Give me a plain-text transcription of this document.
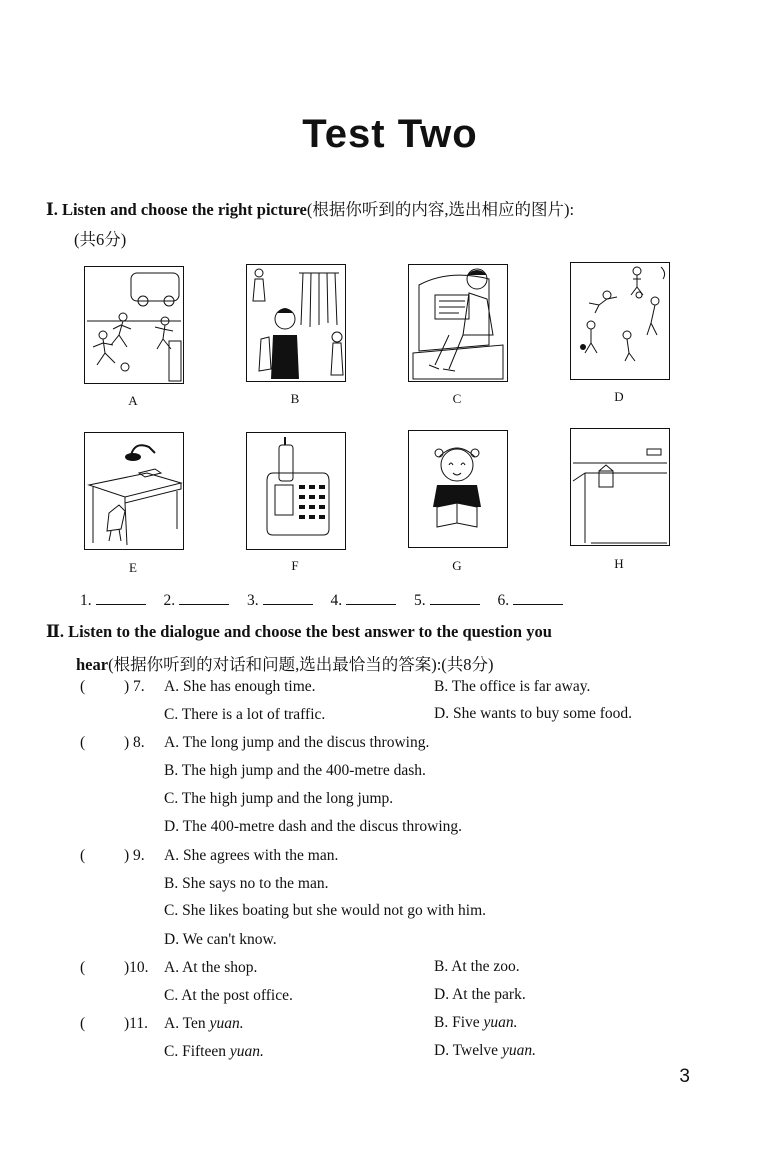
Test Two
Ⅰ. Listen and choose the right picture(根据你听到的内容,选出相应的图片):
(共6分)
A	B	C	D
E	F	G	H
1.	2.	3.	4.	5.	6.
Ⅱ. Listen to the dialogue and choose the best answer to the question you
hear(根据你听到的对话和问题,选出最恰当的答案):(共8分)
(	) 7. A. She has enough time.	B. The office is far away.
C. There is a lot of traffic.	D. She wants to buy some food.
(	) 8. A. The long jump and the discus throwing.
B. The high jump and the 400-metre dash.
C. The high jump and the long jump.
D. The 400-metre dash and the discus throwing.
(	) 9. A. She agrees with the man.
B. She says no to the man.
C. She likes boating but she would not go with him.
D. We can't know.
(	)10. A. At the shop.	B. At the zoo.
C. At the post office.	D. At the park.
(	)11. A. Ten yuan.	B. Five yuan.
C. Fifteen yuan.	D. Twelve yuan.
3
